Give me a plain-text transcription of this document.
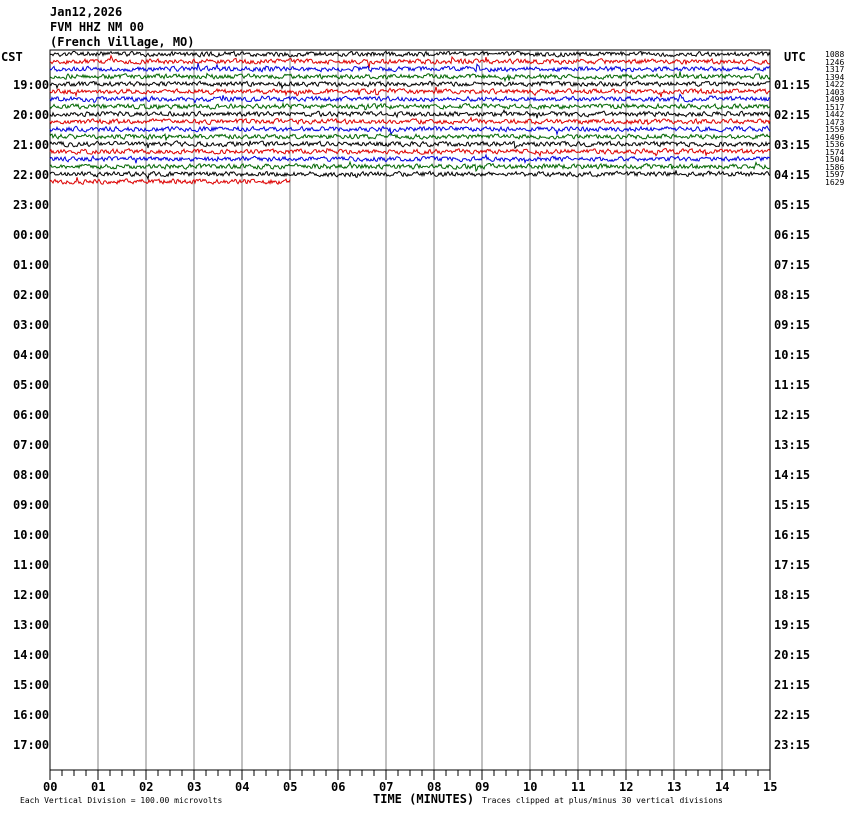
Jan12,2026
FVM HHZ NM 00
(French Village, MO)
CST	UTC
19:00
20:00
21:00
22:00
23:00
00:00
01:00
02:00
03:00
04:00
05:00
06:00
07:00
08:00
09:00
10:00
11:00
12:00
13:00
14:00
15:00
16:00
17:00
01:15
02:15
03:15
04:15
05:15
06:15
07:15
08:15
09:15
10:15
11:15
12:15
13:15
14:15
15:15
16:15
17:15
18:15
19:15
20:15
21:15
22:15
23:15
1088
1246
1317
1394
1422
1403
1499
1517
1442
1473
1559
1496
1536
1574
1504
1586
1597
1629
00	01	02	03	04	05	06	07	08	09	10	11	12	13	14	15
TIME (MINUTES)
Each Vertical Division = 100.00 microvolts	Traces clipped at plus/minus 30 vertical divisions
